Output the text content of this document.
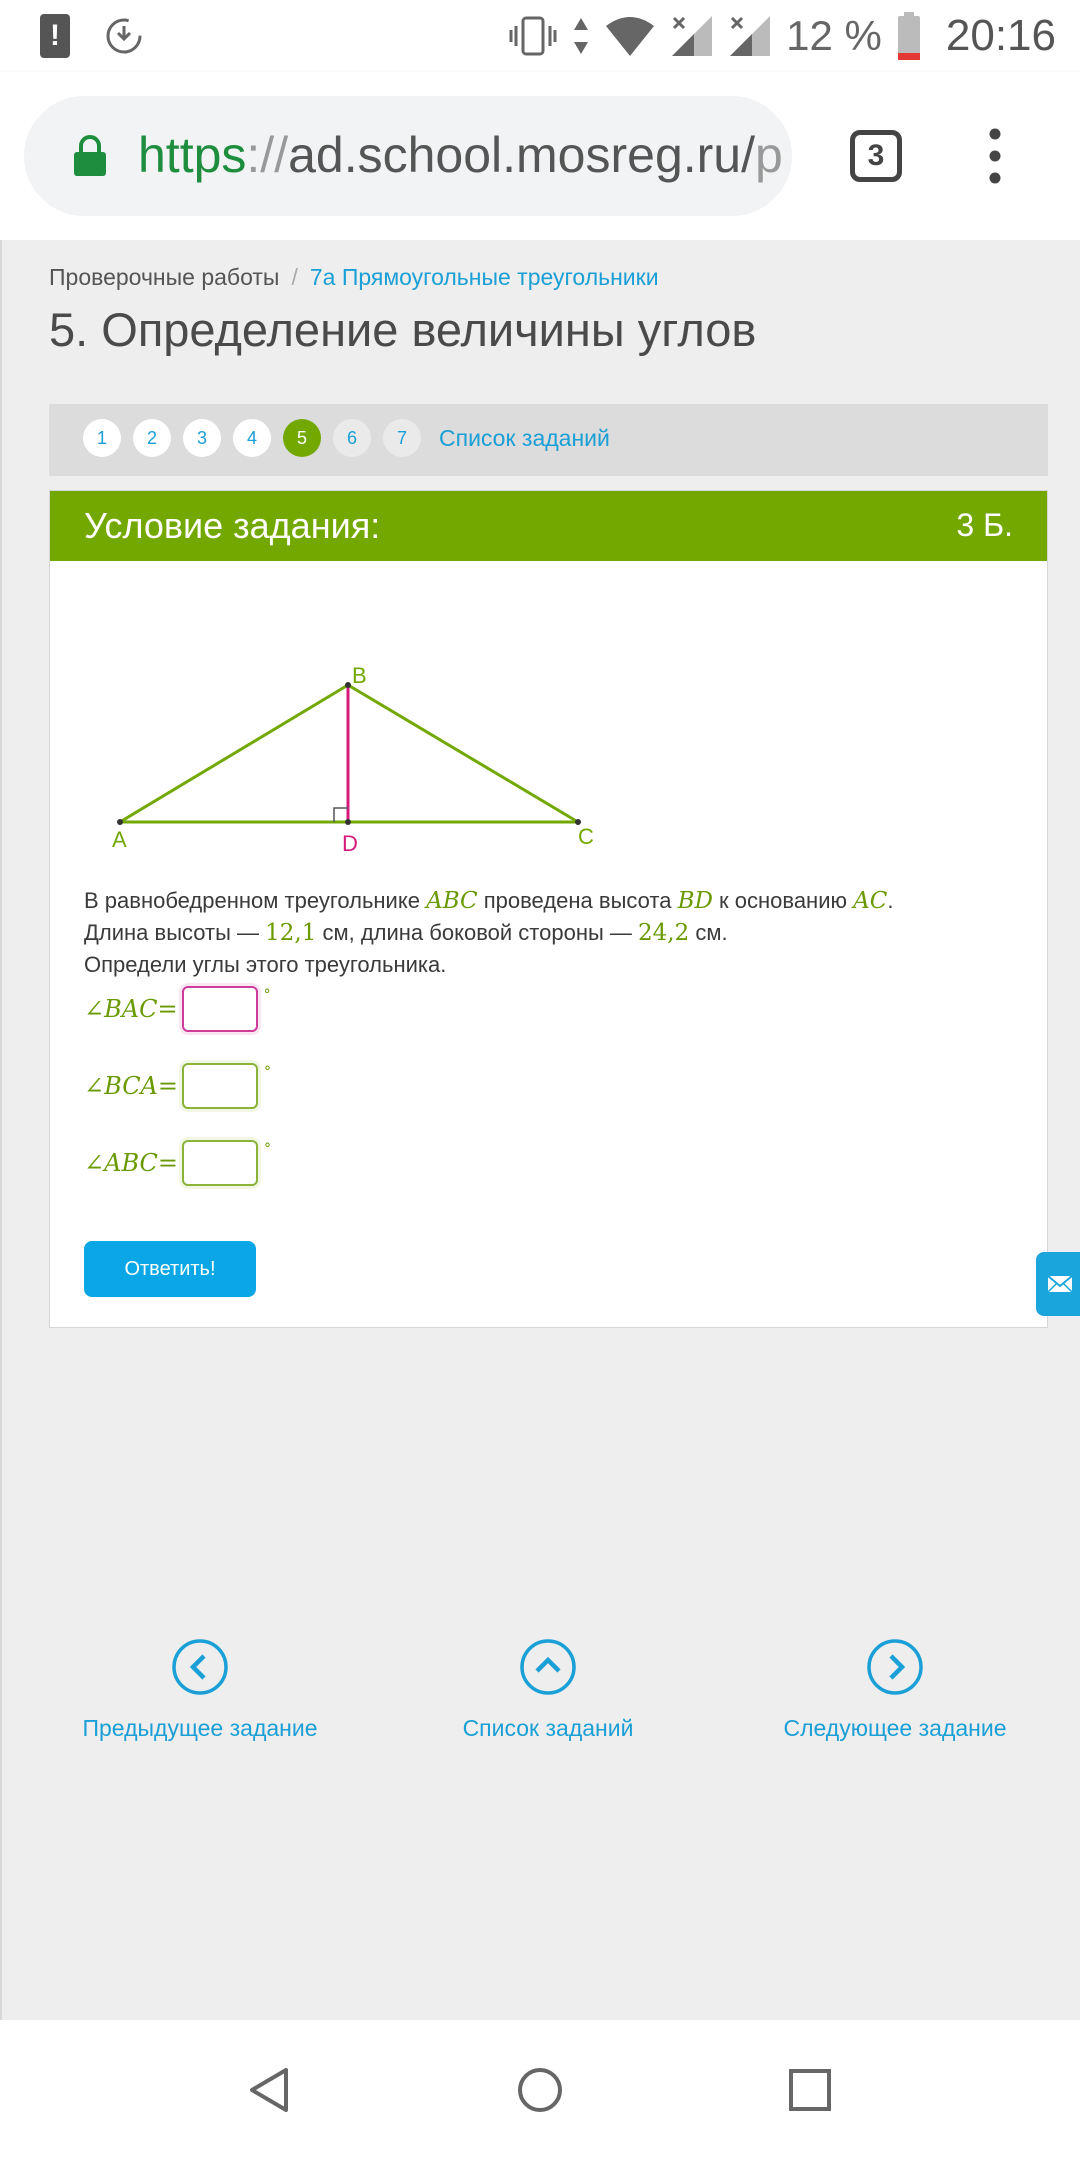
!	12 % 20:16
https://ad.school.mosreg.ru/p	3
Проверочные работы / 7a Прямоугольные треугольники
5. Определение величины углов
1	2	3	4	5	6	7	Список заданий
Условие задания:	3 Б.
A
B
C
D
В равнобедренном треугольнике ABC проведена высота BD к основанию AC.
Длина высоты — 12,1 см, длина боковой стороны — 24,2 см.
Определи углы этого треугольника.
∠BAC=	°
∠BCA=	°
∠ABC=	°
Ответить!
Предыдущее задание	Список заданий	Следующее задание
